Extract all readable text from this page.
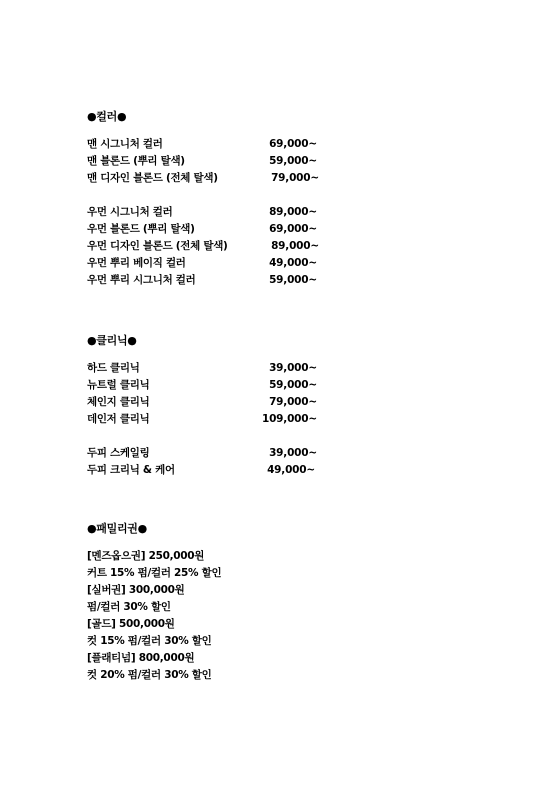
●컬러●
맨 시그니처 컬러	69,000~
맨 블론드 (뿌리 탈색)	59,000~
맨 디자인 블론드 (전체 탈색)	79,000~
우먼 시그니처 컬러	89,000~
우먼 블론드 (뿌리 탈색)	69,000~
우먼 디자인 블론드 (전체 탈색)	89,000~
우먼 뿌리 베이직 컬러	49,000~
우먼 뿌리 시그니처 컬러	59,000~
●클리닉●
하드 클리닉	39,000~
뉴트럴 클리닉	59,000~
체인지 클리닉	79,000~
데인저 클리닉	109,000~
두피 스케일링	39,000~
두피 크리닉 & 케어	49,000~
●패밀리권●
[멘즈옵으권] 250,000원
커트 15% 펌/컬러 25% 할인
[실버권] 300,000원
펌/컬러 30% 할인
[골드] 500,000원
컷 15% 펌/컬러 30% 할인
[플래티넘] 800,000원
컷 20% 펌/컬러 30% 할인
